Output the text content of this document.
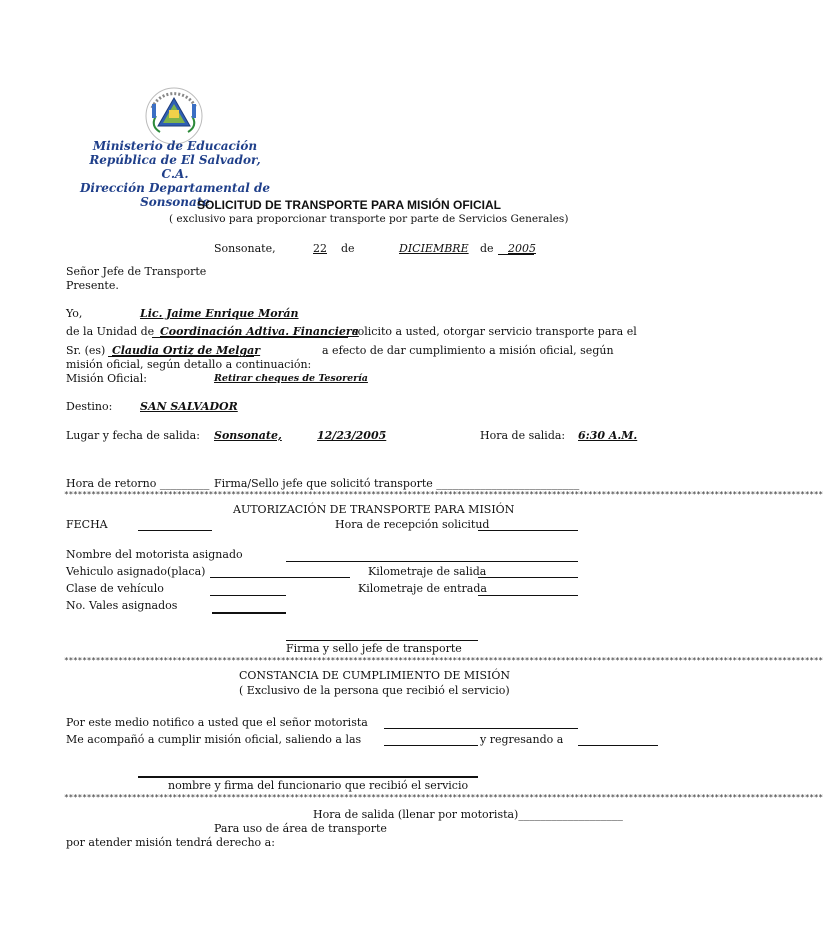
Ministerio de Educación
República de El Salvador, C.A.
Dirección Departamental de
Sonsonate
SOLICITUD DE TRANSPORTE PARA MISIÓN OFICIAL
( exclusivo para proporcionar transporte por parte de Servicios Generales)
Sonsonate,	22 de	DICIEMBRE de 2005
Señor Jefe de Transporte
Presente.
Yo,	Lic. Jaime Enrique Morán
de la Unidad de Coordinación Adtiva. Financiera
solicito a usted, otorgar servicio transporte para el
Sr. (es) Claudia Ortiz de Melgar	a efecto de dar cumplimiento a misión oficial, según
misión oficial, según detallo a continuación:
Misión Oficial:	Retirar cheques de Tesorería
Destino:	SAN SALVADOR
Lugar y fecha de salida: Sonsonate,	12/23/2005	Hora de salida: 6:30 A.M.
Hora de retorno _________ Firma/Sello jefe que solicitó transporte __________________________
************************************************************************************************************************************************************************
AUTORIZACIÓN DE TRANSPORTE PARA MISIÓN
FECHA	Hora de recepción solicitud
Nombre del motorista asignado
Vehiculo asignado(placa)	Kilometraje de salida
Clase de vehículo	Kilometraje de entrada
No. Vales asignados
Firma y sello jefe de transporte
************************************************************************************************************************************************************************
CONSTANCIA DE CUMPLIMIENTO DE MISIÓN
( Exclusivo de la persona que recibió el servicio)
Por este medio notifico a usted que el señor motorista
Me acompañó a cumplir misión oficial, saliendo a las	y regresando a
nombre y firma del funcionario que recibió el servicio
************************************************************************************************************************************************************************
Hora de salida (llenar por motorista)___________________
Para uso de área de transporte
por atender misión tendrá derecho a:
